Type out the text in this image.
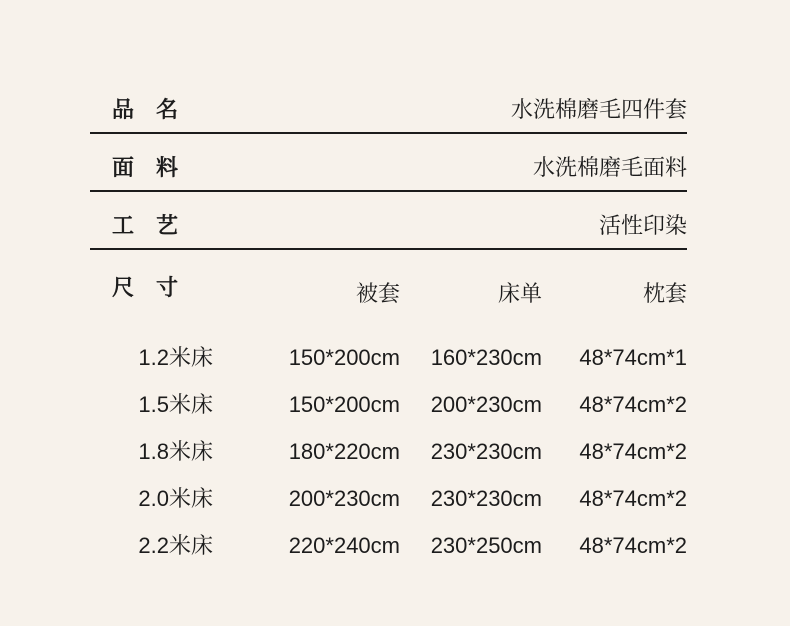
品　名	水洗棉磨毛四件套
面　料	水洗棉磨毛面料
工　艺	活性印染
尺　寸	被套	床单	枕套
1.2米床	150*200cm	160*230cm	48*74cm*1
1.5米床	150*200cm	200*230cm	48*74cm*2
1.8米床	180*220cm	230*230cm	48*74cm*2
2.0米床	200*230cm	230*230cm	48*74cm*2
2.2米床	220*240cm	230*250cm	48*74cm*2
